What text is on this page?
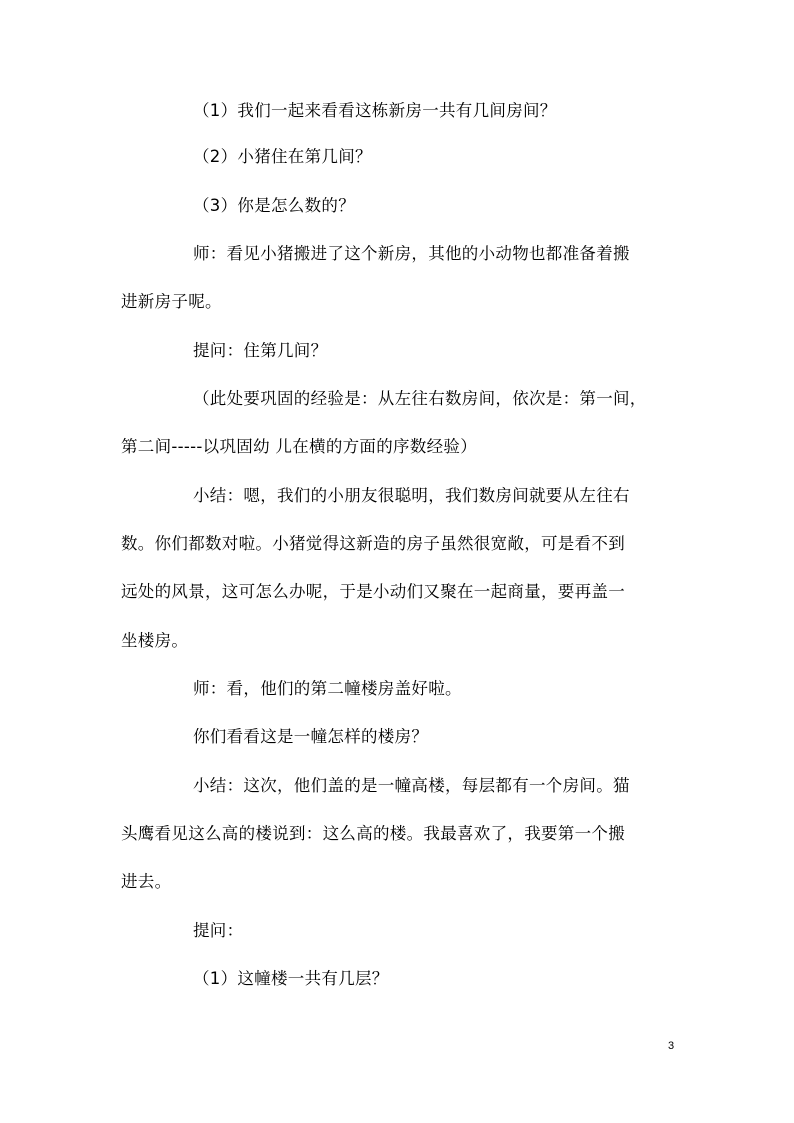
（1）我们一起来看看这栋新房一共有几间房间？
（2）小猪住在第几间？
（3）你是怎么数的？
师：看见小猪搬进了这个新房，其他的小动物也都准备着搬
进新房子呢。
提问：住第几间？
（此处要巩固的经验是：从左往右数房间，依次是：第一间，
第二间-----以巩固幼 儿在横的方面的序数经验）
小结：嗯，我们的小朋友很聪明，我们数房间就要从左往右
数。你们都数对啦。小猪觉得这新造的房子虽然很宽敞，可是看不到
远处的风景，这可怎么办呢，于是小动们又聚在一起商量，要再盖一
坐楼房。
师：看，他们的第二幢楼房盖好啦。
你们看看这是一幢怎样的楼房？
小结：这次，他们盖的是一幢高楼，每层都有一个房间。猫
头鹰看见这么高的楼说到：这么高的楼。我最喜欢了，我要第一个搬
进去。
提问：
（1）这幢楼一共有几层？
3
